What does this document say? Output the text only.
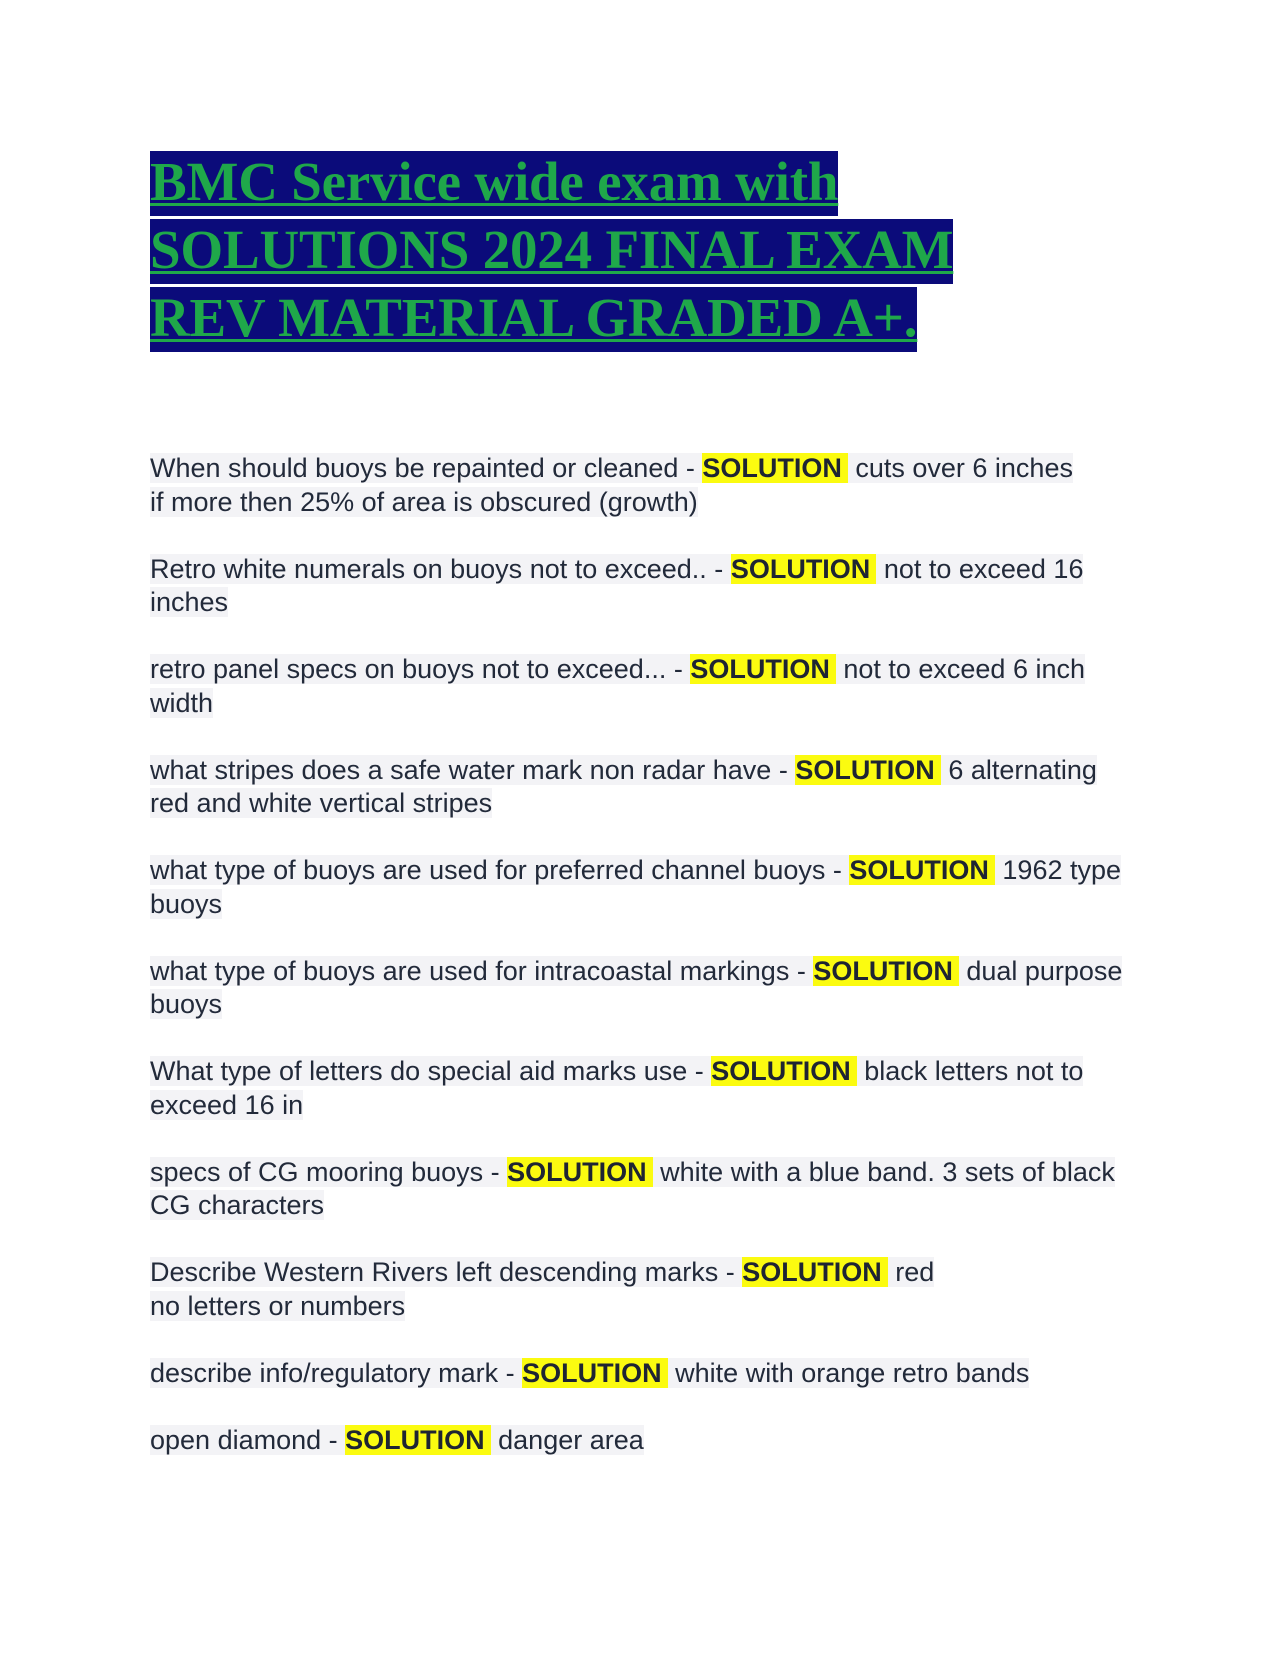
BMC Service wide exam with
SOLUTIONS 2024 FINAL EXAM
REV MATERIAL GRADED A+.

When should buoys be repainted or cleaned - SOLUTION cuts over 6 inches
if more then 25% of area is obscured (growth)

Retro white numerals on buoys not to exceed.. - SOLUTION not to exceed 16 inches

retro panel specs on buoys not to exceed... - SOLUTION not to exceed 6 inch width

what stripes does a safe water mark non radar have - SOLUTION 6 alternating red and white vertical stripes

what type of buoys are used for preferred channel buoys - SOLUTION 1962 type buoys

what type of buoys are used for intracoastal markings - SOLUTION dual purpose buoys

What type of letters do special aid marks use - SOLUTION black letters not to exceed 16 in

specs of CG mooring buoys - SOLUTION white with a blue band. 3 sets of black CG characters

Describe Western Rivers left descending marks - SOLUTION red
no letters or numbers

describe info/regulatory mark - SOLUTION white with orange retro bands

open diamond - SOLUTION danger area
